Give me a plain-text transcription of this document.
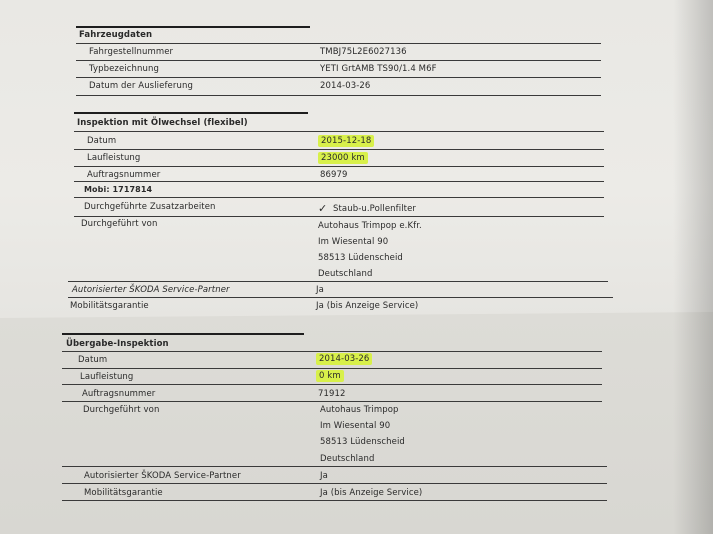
Fahrzeugdaten
Fahrgestellnummer	TMBJ75L2E6027136
Typbezeichnung	YETI GrtAMB TS90/1.4 M6F
Datum der Auslieferung	2014-03-26
Inspektion mit Ölwechsel (flexibel)
Datum	2015-12-18
Laufleistung	23000 km
Auftragsnummer	86979
Mobi: 1717814
Durchgeführte Zusatzarbeiten	✓ Staub-u.Pollenfilter
Durchgeführt von	Autohaus Trimpop e.Kfr.
Im Wiesental 90
58513 Lüdenscheid
Deutschland
Autorisierter ŠKODA Service-Partner	Ja
Mobilitätsgarantie	Ja (bis Anzeige Service)
Übergabe-Inspektion
Datum	2014-03-26
Laufleistung	0 km
Auftragsnummer	71912
Durchgeführt von	Autohaus Trimpop
Im Wiesental 90
58513 Lüdenscheid
Deutschland
Autorisierter ŠKODA Service-Partner	Ja
Mobilitätsgarantie	Ja (bis Anzeige Service)
